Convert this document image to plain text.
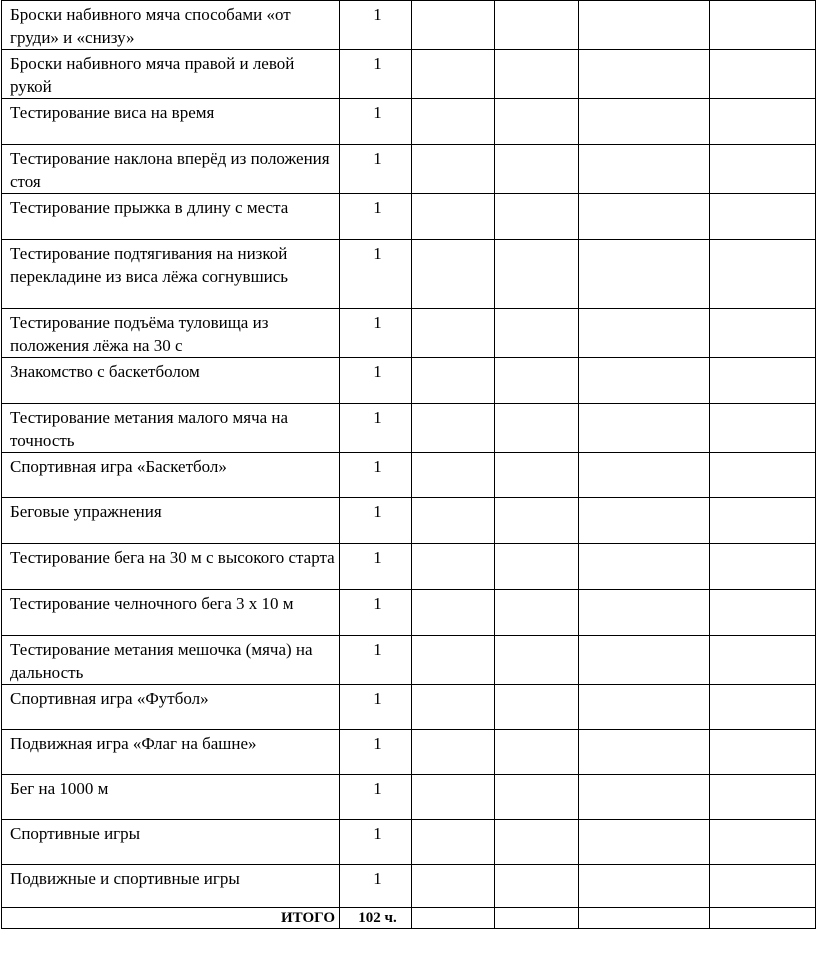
Броски набивного мяча способами «от груди» и «снизу»	1				
Броски набивного мяча правой и левой рукой	1				
Тестирование виса на время	1				
Тестирование наклона вперёд из положения стоя	1				
Тестирование прыжка в длину с места	1				
Тестирование подтягивания на низкой перекладине из виса лёжа согнувшись	1				
Тестирование подъёма туловища из положения лёжа на 30 с	1				
Знакомство с баскетболом	1				
Тестирование метания малого мяча на точность	1				
Спортивная игра «Баскетбол»	1				
Беговые упражнения	1				
Тестирование бега на 30 м с высокого старта	1				
Тестирование челночного бега 3 х 10 м	1				
Тестирование метания мешочка (мяча) на дальность	1				
Спортивная игра «Футбол»	1				
Подвижная игра «Флаг на башне»	1				
Бег на 1000 м	1				
Спортивные игры	1				
Подвижные и спортивные игры	1				
ИТОГО	102 ч.				
